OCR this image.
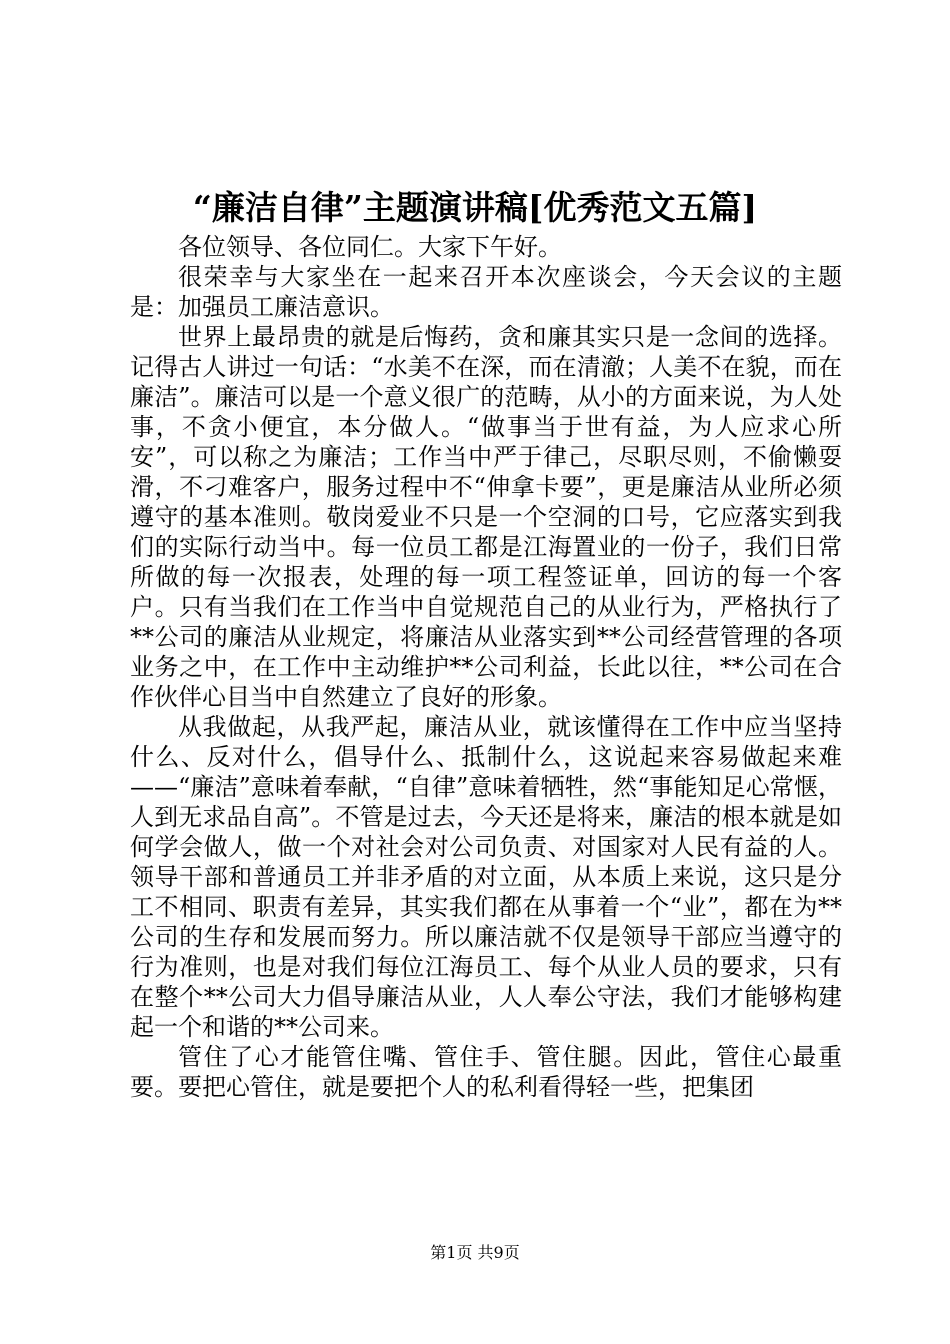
“廉洁自律”主题演讲稿[优秀范文五篇]

各位领导、各位同仁。大家下午好。

很荣幸与大家坐在一起来召开本次座谈会，今天会议的主题是：加强员工廉洁意识。

世界上最昂贵的就是后悔药，贪和廉其实只是一念间的选择。记得古人讲过一句话：“水美不在深，而在清澈；人美不在貌，而在廉洁”。廉洁可以是一个意义很广的范畴，从小的方面来说，为人处事，不贪小便宜，本分做人。“做事当于世有益，为人应求心所安”，可以称之为廉洁；工作当中严于律己，尽职尽则，不偷懒耍滑，不刁难客户，服务过程中不“伸拿卡要”，更是廉洁从业所必须遵守的基本准则。敬岗爱业不只是一个空洞的口号，它应落实到我们的实际行动当中。每一位员工都是江海置业的一份子，我们日常所做的每一次报表，处理的每一项工程签证单，回访的每一个客户。只有当我们在工作当中自觉规范自己的从业行为，严格执行了**公司的廉洁从业规定，将廉洁从业落实到**公司经营管理的各项业务之中，在工作中主动维护**公司利益，长此以往，**公司在合作伙伴心目当中自然建立了良好的形象。

从我做起，从我严起，廉洁从业，就该懂得在工作中应当坚持什么、反对什么，倡导什么、抵制什么，这说起来容易做起来难——“廉洁”意味着奉献，“自律”意味着牺牲，然“事能知足心常惬，人到无求品自高”。不管是过去，今天还是将来，廉洁的根本就是如何学会做人，做一个对社会对公司负责、对国家对人民有益的人。领导干部和普通员工并非矛盾的对立面，从本质上来说，这只是分工不相同、职责有差异，其实我们都在从事着一个“业”，都在为**公司的生存和发展而努力。所以廉洁就不仅是领导干部应当遵守的行为准则，也是对我们每位江海员工、每个从业人员的要求，只有在整个**公司大力倡导廉洁从业，人人奉公守法，我们才能够构建起一个和谐的**公司来。

管住了心才能管住嘴、管住手、管住腿。因此，管住心最重要。要把心管住，就是要把个人的私利看得轻一些，把集团

第1页 共9页
